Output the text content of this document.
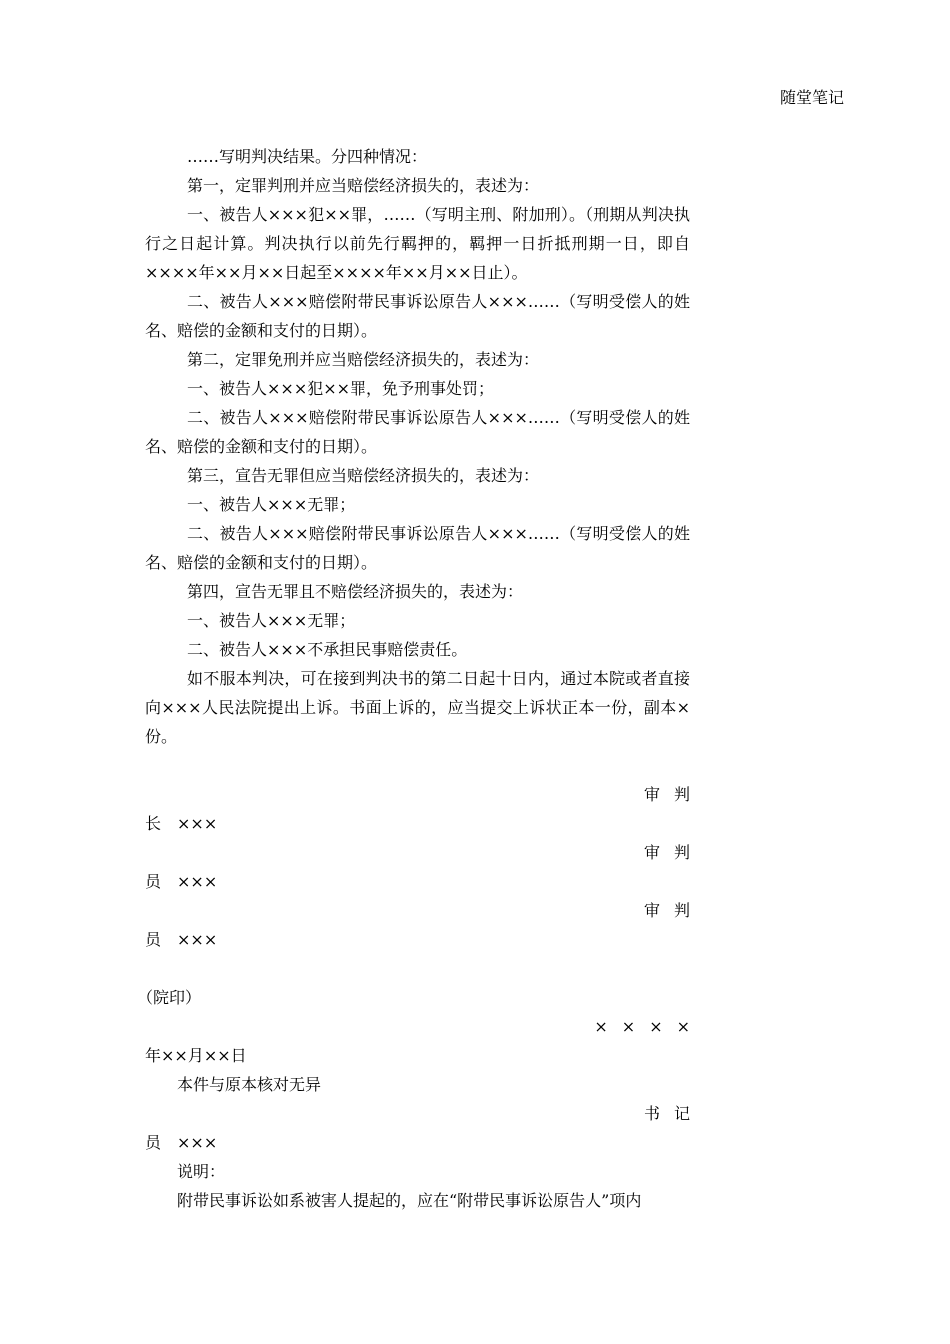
随堂笔记

……写明判决结果。分四种情况：

第一，定罪判刑并应当赔偿经济损失的，表述为：

一、被告人×××犯××罪，……（写明主刑、附加刑）。（刑期从判决执行之日起计算。判决执行以前先行羁押的，羁押一日折抵刑期一日，即自××××年××月××日起至××××年××月××日止）。

二、被告人×××赔偿附带民事诉讼原告人×××……（写明受偿人的姓名、赔偿的金额和支付的日期）。

第二，定罪免刑并应当赔偿经济损失的，表述为：

一、被告人×××犯××罪，免予刑事处罚；

二、被告人×××赔偿附带民事诉讼原告人×××……（写明受偿人的姓名、赔偿的金额和支付的日期）。

第三，宣告无罪但应当赔偿经济损失的，表述为：

一、被告人×××无罪；

二、被告人×××赔偿附带民事诉讼原告人×××……（写明受偿人的姓名、赔偿的金额和支付的日期）。

第四，宣告无罪且不赔偿经济损失的，表述为：

一、被告人×××无罪；

二、被告人×××不承担民事赔偿责任。

如不服本判决，可在接到判决书的第二日起十日内，通过本院或者直接向×××人民法院提出上诉。书面上诉的，应当提交上诉状正本一份，副本×份。

审判

长　×××

审判

员　×××

审判

员　×××

（院印）

××××

年××月××日

本件与原本核对无异

书记

员　×××

说明：

附带民事诉讼如系被害人提起的，应在“附带民事诉讼原告人”项内
